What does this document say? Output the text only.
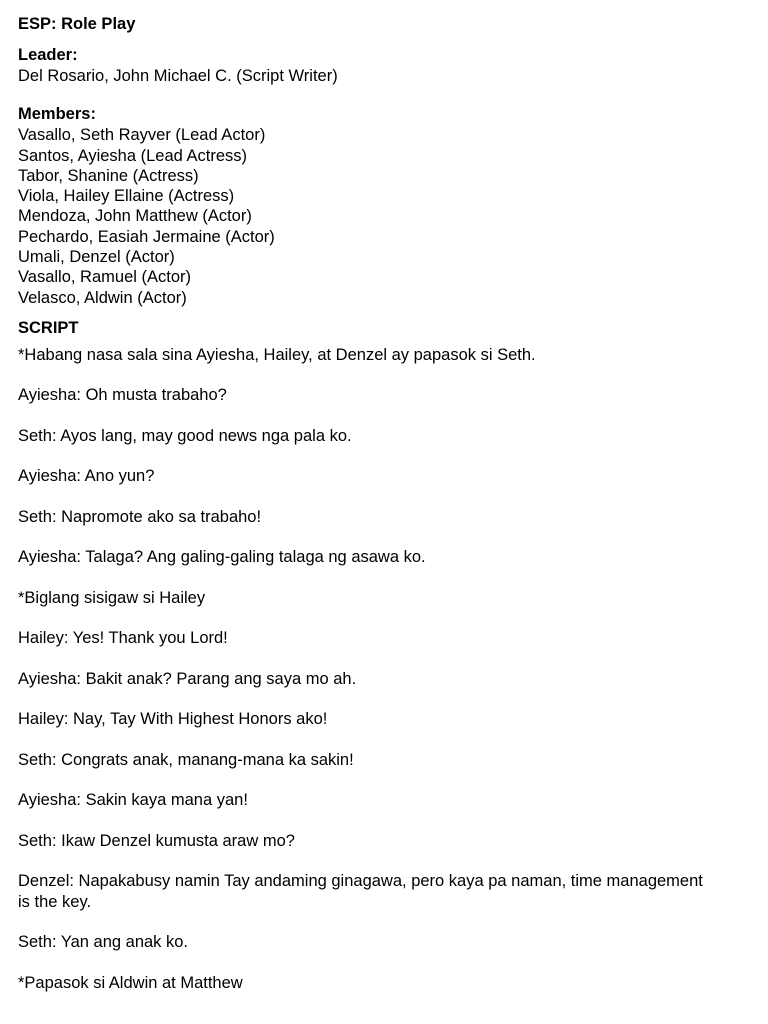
ESP: Role Play
Leader:
Del Rosario, John Michael C. (Script Writer)
Members:
Vasallo, Seth Rayver (Lead Actor)
Santos, Ayiesha (Lead Actress)
Tabor, Shanine (Actress)
Viola, Hailey Ellaine (Actress)
Mendoza, John Matthew (Actor)
Pechardo, Easiah Jermaine (Actor)
Umali, Denzel (Actor)
Vasallo, Ramuel (Actor)
Velasco, Aldwin (Actor)
SCRIPT

*Habang nasa sala sina Ayiesha, Hailey, at Denzel ay papasok si Seth.

Ayiesha: Oh musta trabaho?

Seth: Ayos lang, may good news nga pala ko.

Ayiesha: Ano yun?

Seth: Napromote ako sa trabaho!

Ayiesha: Talaga? Ang galing-galing talaga ng asawa ko.

*Biglang sisigaw si Hailey

Hailey: Yes! Thank you Lord!

Ayiesha: Bakit anak? Parang ang saya mo ah.

Hailey: Nay, Tay With Highest Honors ako!

Seth: Congrats anak, manang-mana ka sakin!

Ayiesha: Sakin kaya mana yan!

Seth: Ikaw Denzel kumusta araw mo?

Denzel: Napakabusy namin Tay andaming ginagawa, pero kaya pa naman, time management is the key.

Seth: Yan ang anak ko.

*Papasok si Aldwin at Matthew
